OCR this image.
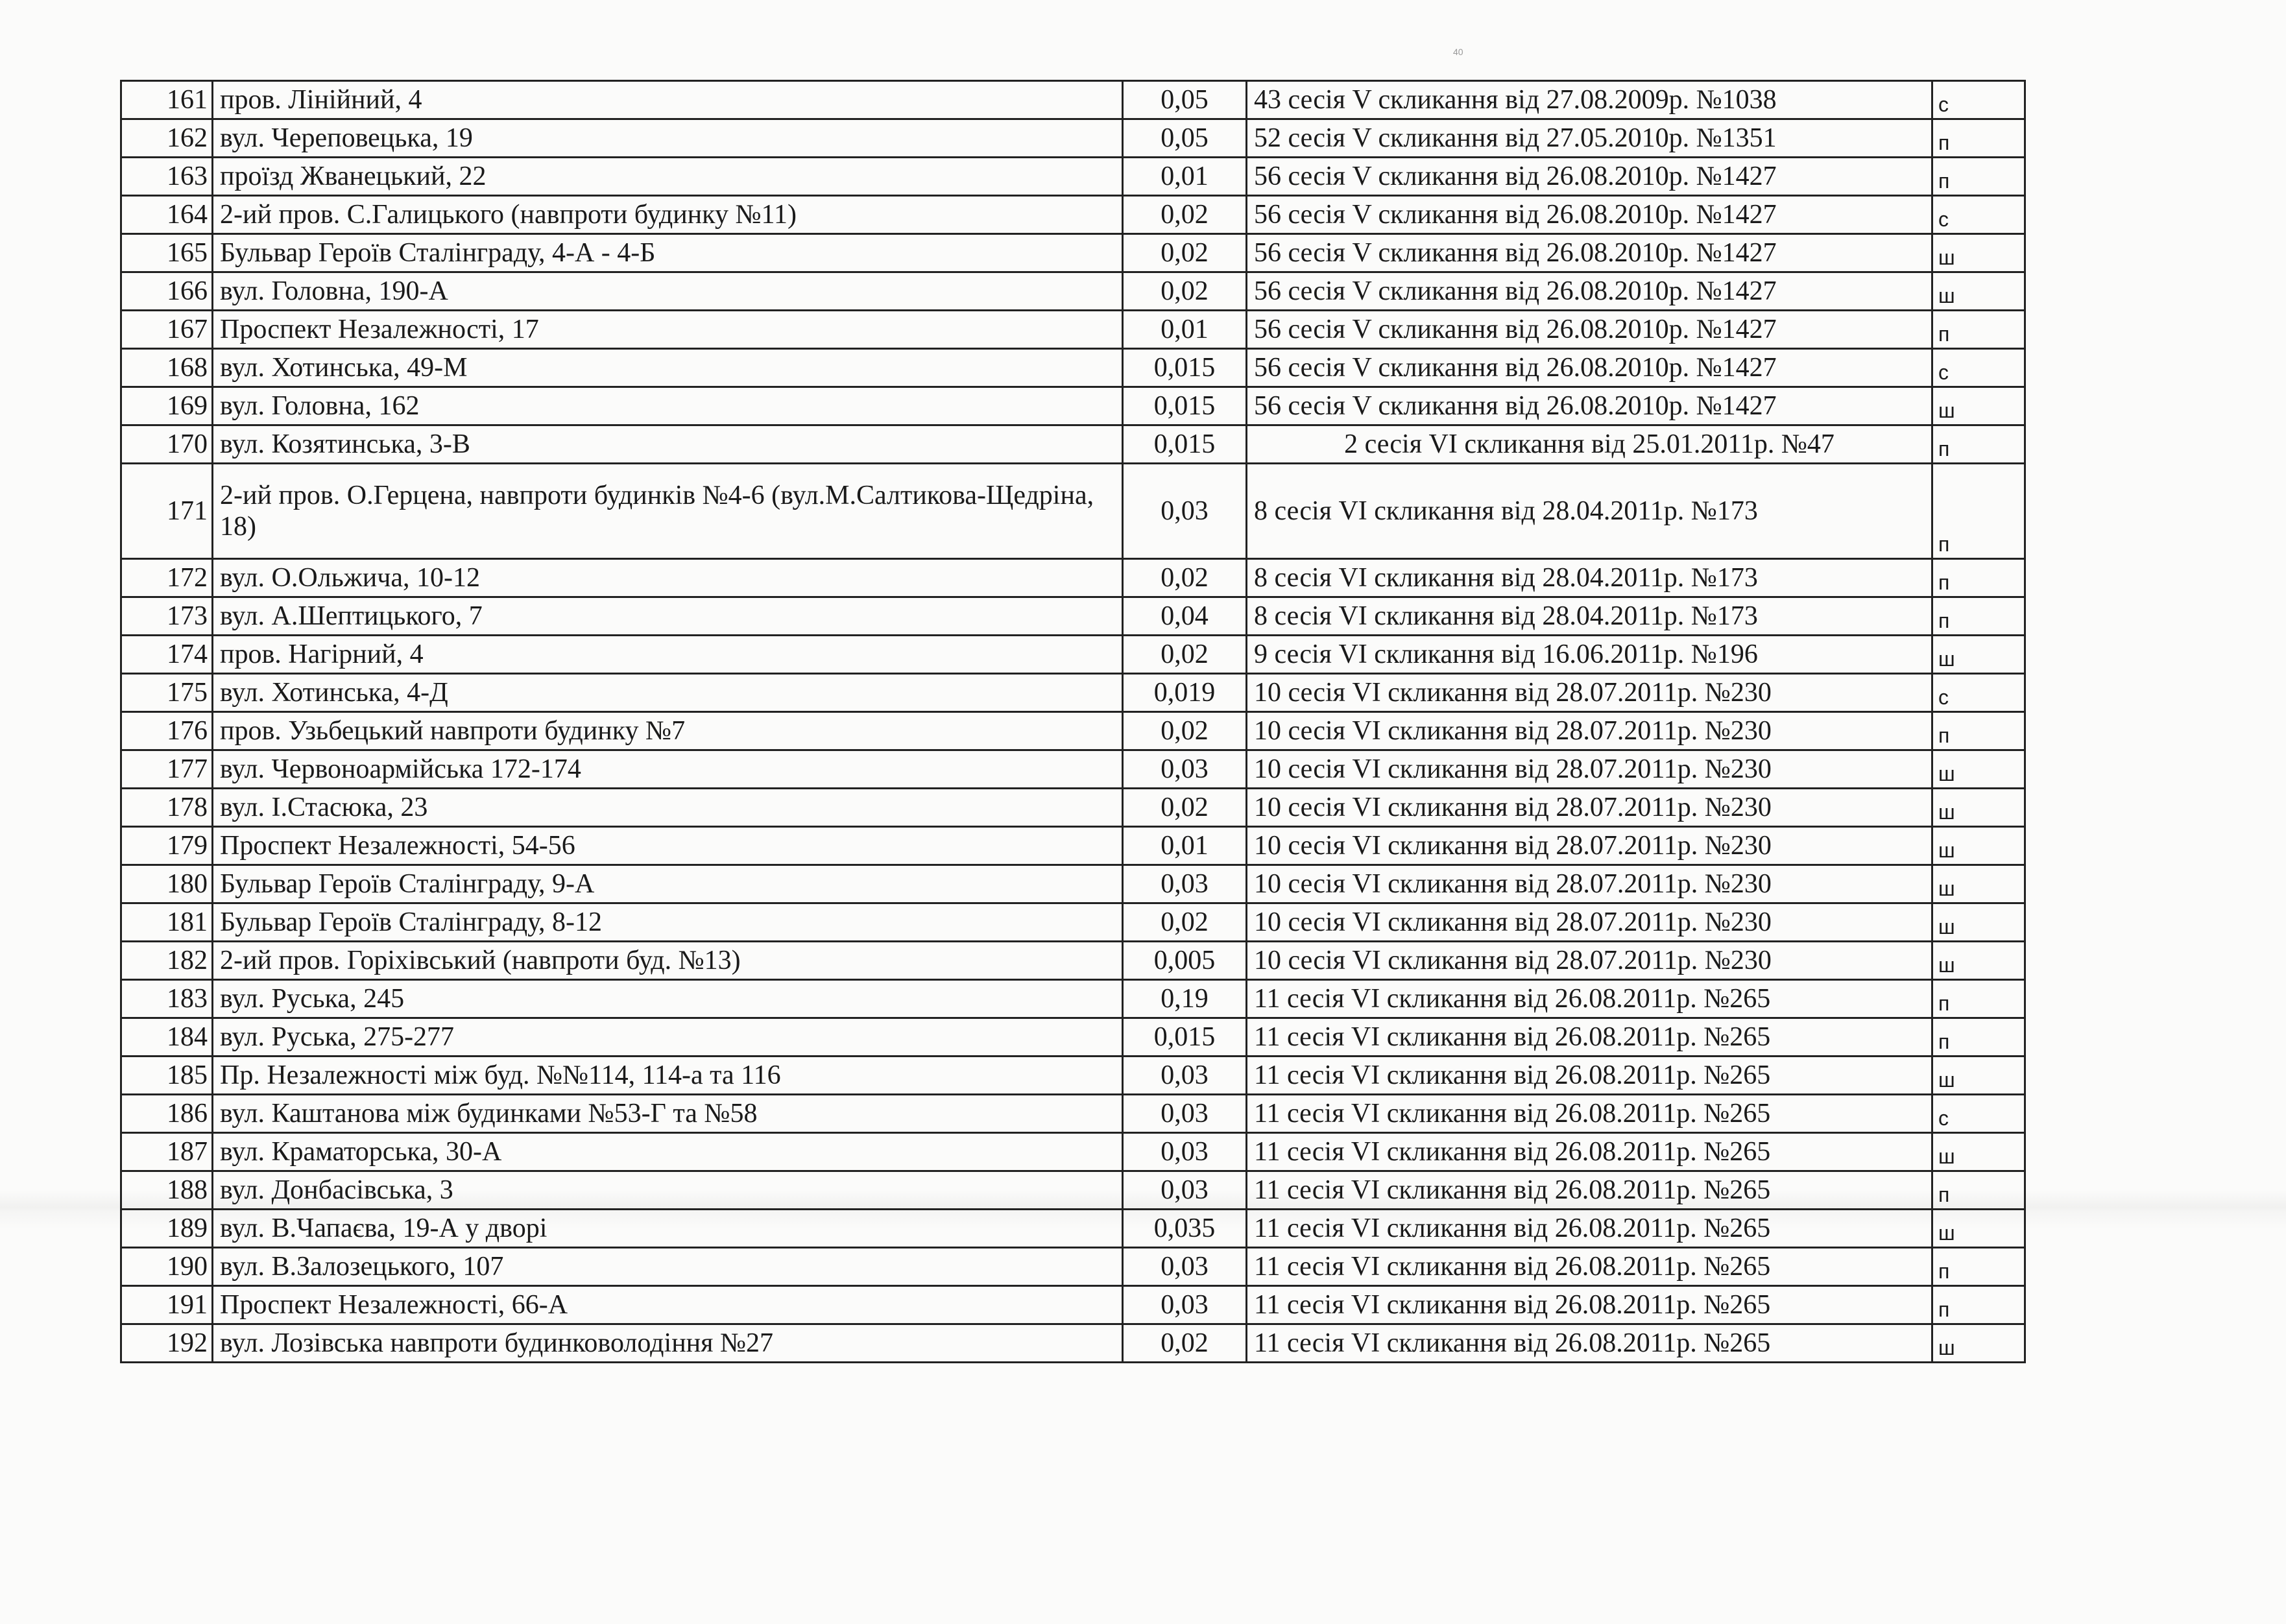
40
161	пров. Лінійний, 4	0,05	43 сесія V скликання від 27.08.2009р. №1038	с
162	вул. Череповецька, 19	0,05	52 сесія V скликання від 27.05.2010р. №1351	п
163	проїзд Жванецький, 22	0,01	56 сесія V скликання від 26.08.2010р. №1427	п
164	2-ий пров. С.Галицького (навпроти будинку №11)	0,02	56 сесія V скликання від 26.08.2010р. №1427	с
165	Бульвар Героїв Сталінграду, 4-А - 4-Б	0,02	56 сесія V скликання від 26.08.2010р. №1427	ш
166	вул. Головна, 190-А	0,02	56 сесія V скликання від 26.08.2010р. №1427	ш
167	Проспект Незалежності, 17	0,01	56 сесія V скликання від 26.08.2010р. №1427	п
168	вул. Хотинська, 49-М	0,015	56 сесія V скликання від 26.08.2010р. №1427	с
169	вул. Головна, 162	0,015	56 сесія V скликання від 26.08.2010р. №1427	ш
170	вул. Козятинська, 3-В	0,015	2 сесія VI скликання від 25.01.2011р. №47	п
171	2-ий пров. О.Герцена, навпроти будинків №4-6 (вул.М.Салтикова-Щедріна, 18)	0,03	8 сесія VI скликання від 28.04.2011р. №173	п
172	вул. О.Ольжича, 10-12	0,02	8 сесія VI скликання від 28.04.2011р. №173	п
173	вул. А.Шептицького, 7	0,04	8 сесія VI скликання від 28.04.2011р. №173	п
174	пров. Нагірний, 4	0,02	9 сесія VI скликання від 16.06.2011р. №196	ш
175	вул. Хотинська, 4-Д	0,019	10 сесія VI скликання від 28.07.2011р. №230	с
176	пров. Узьбецький навпроти будинку №7	0,02	10 сесія VI скликання від 28.07.2011р. №230	п
177	вул. Червоноармійська 172-174	0,03	10 сесія VI скликання від 28.07.2011р. №230	ш
178	вул. І.Стасюка, 23	0,02	10 сесія VI скликання від 28.07.2011р. №230	ш
179	Проспект Незалежності, 54-56	0,01	10 сесія VI скликання від 28.07.2011р. №230	ш
180	Бульвар Героїв Сталінграду, 9-А	0,03	10 сесія VI скликання від 28.07.2011р. №230	ш
181	Бульвар Героїв Сталінграду, 8-12	0,02	10 сесія VI скликання від 28.07.2011р. №230	ш
182	2-ий пров. Горіхівський (навпроти буд. №13)	0,005	10 сесія VI скликання від 28.07.2011р. №230	ш
183	вул. Руська, 245	0,19	11 сесія VI скликання від 26.08.2011р. №265	п
184	вул. Руська, 275-277	0,015	11 сесія VI скликання від 26.08.2011р. №265	п
185	Пр. Незалежності між буд. №№114, 114-а та 116	0,03	11 сесія VI скликання від 26.08.2011р. №265	ш
186	вул. Каштанова між будинками №53-Г та №58	0,03	11 сесія VI скликання від 26.08.2011р. №265	с
187	вул. Краматорська, 30-А	0,03	11 сесія VI скликання від 26.08.2011р. №265	ш
188	вул. Донбасівська, 3	0,03	11 сесія VI скликання від 26.08.2011р. №265	п
189	вул. В.Чапаєва, 19-А у дворі	0,035	11 сесія VI скликання від 26.08.2011р. №265	ш
190	вул. В.Залозецького, 107	0,03	11 сесія VI скликання від 26.08.2011р. №265	п
191	Проспект Незалежності, 66-А	0,03	11 сесія VI скликання від 26.08.2011р. №265	п
192	вул. Лозівська навпроти будинковолодіння №27	0,02	11 сесія VI скликання від 26.08.2011р. №265	ш
